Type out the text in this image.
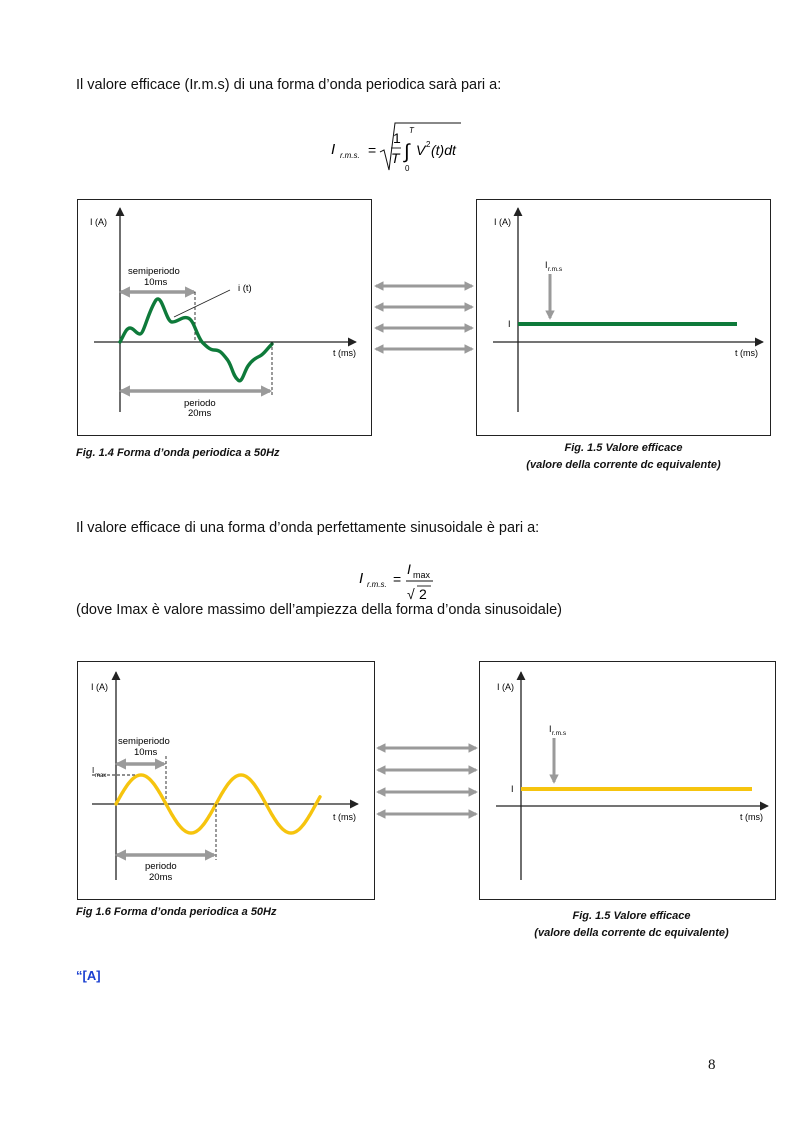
Il valore efficace (Ir.m.s) di una forma d’onda periodica sarà pari a:
I r.m.s. =
1
T
T
∫
0
V 2 (t)dt
I (A)
t (ms)
semiperiodo
10ms
i (t)
periodo
20ms
Fig. 1.4 Forma d’onda periodica a 50Hz
I (A)
t (ms)
I r.m.s
I
Fig. 1.5 Valore efficace
(valore della corrente dc equivalente)
Il valore efficace di una forma d’onda perfettamente sinusoidale è pari a:
I r.m.s. =
I max
√ 2
(dove Imax è valore massimo dell’ampiezza della forma d’onda sinusoidale)
I (A)
t (ms)
semiperiodo
10ms
I
max
periodo
20ms
Fig 1.6 Forma d’onda periodica a 50Hz
I (A)
t (ms)
I r.m.s
I
Fig. 1.5 Valore efficace
(valore della corrente dc equivalente)
“[A]
8
